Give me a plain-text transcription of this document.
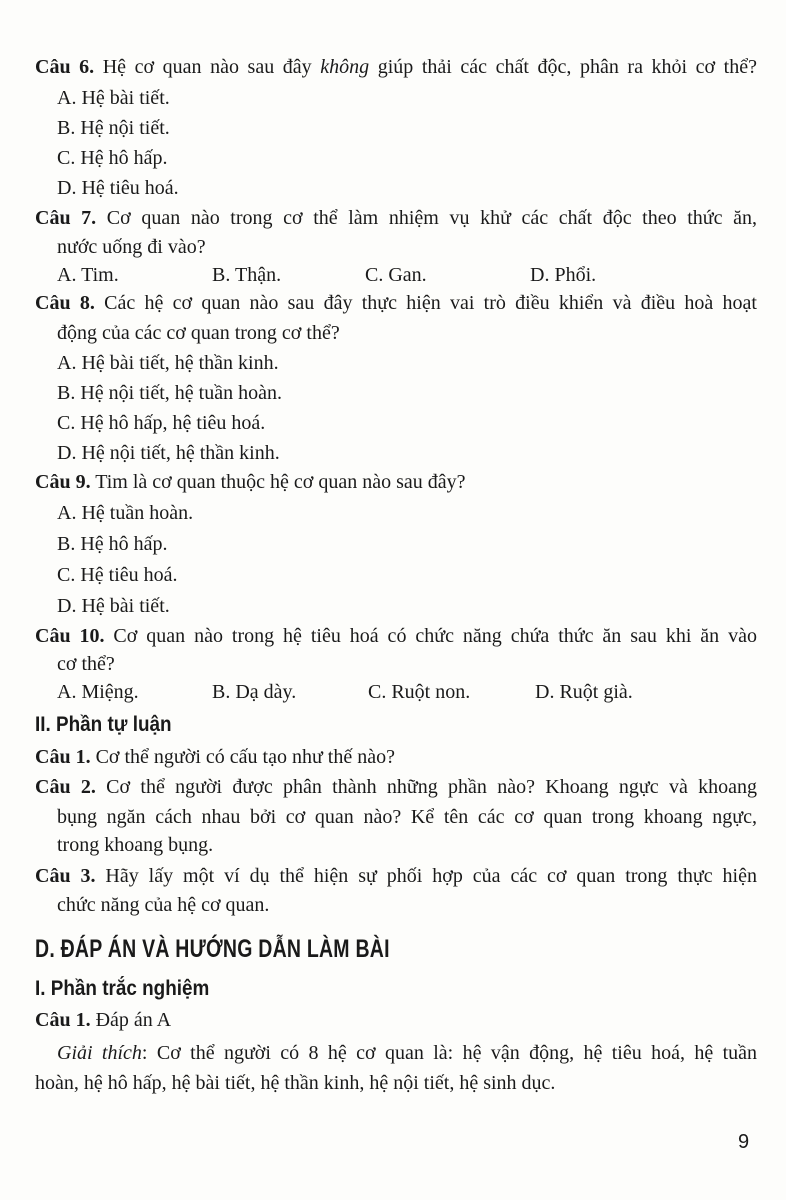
Câu 6. Hệ cơ quan nào sau đây không giúp thải các chất độc, phân ra khỏi cơ thể?
A. Hệ bài tiết.
B. Hệ nội tiết.
C. Hệ hô hấp.
D. Hệ tiêu hoá.
Câu 7. Cơ quan nào trong cơ thể làm nhiệm vụ khử các chất độc theo thức ăn,
nước uống đi vào?
A. Tim.	B. Thận.	C. Gan.	D. Phổi.
Câu 8. Các hệ cơ quan nào sau đây thực hiện vai trò điều khiển và điều hoà hoạt
động của các cơ quan trong cơ thể?
A. Hệ bài tiết, hệ thần kinh.
B. Hệ nội tiết, hệ tuần hoàn.
C. Hệ hô hấp, hệ tiêu hoá.
D. Hệ nội tiết, hệ thần kinh.
Câu 9. Tim là cơ quan thuộc hệ cơ quan nào sau đây?
A. Hệ tuần hoàn.
B. Hệ hô hấp.
C. Hệ tiêu hoá.
D. Hệ bài tiết.
Câu 10. Cơ quan nào trong hệ tiêu hoá có chức năng chứa thức ăn sau khi ăn vào
cơ thể?
A. Miệng.	B. Dạ dày.	C. Ruột non.	D. Ruột già.
II. Phần tự luận
Câu 1. Cơ thể người có cấu tạo như thế nào?
Câu 2. Cơ thể người được phân thành những phần nào? Khoang ngực và khoang
bụng ngăn cách nhau bởi cơ quan nào? Kể tên các cơ quan trong khoang ngực,
trong khoang bụng.
Câu 3. Hãy lấy một ví dụ thể hiện sự phối hợp của các cơ quan trong thực hiện
chức năng của hệ cơ quan.
D. ĐÁP ÁN VÀ HƯỚNG DẪN LÀM BÀI
I. Phần trắc nghiệm
Câu 1. Đáp án A
Giải thích: Cơ thể người có 8 hệ cơ quan là: hệ vận động, hệ tiêu hoá, hệ tuần
hoàn, hệ hô hấp, hệ bài tiết, hệ thần kinh, hệ nội tiết, hệ sinh dục.
9
